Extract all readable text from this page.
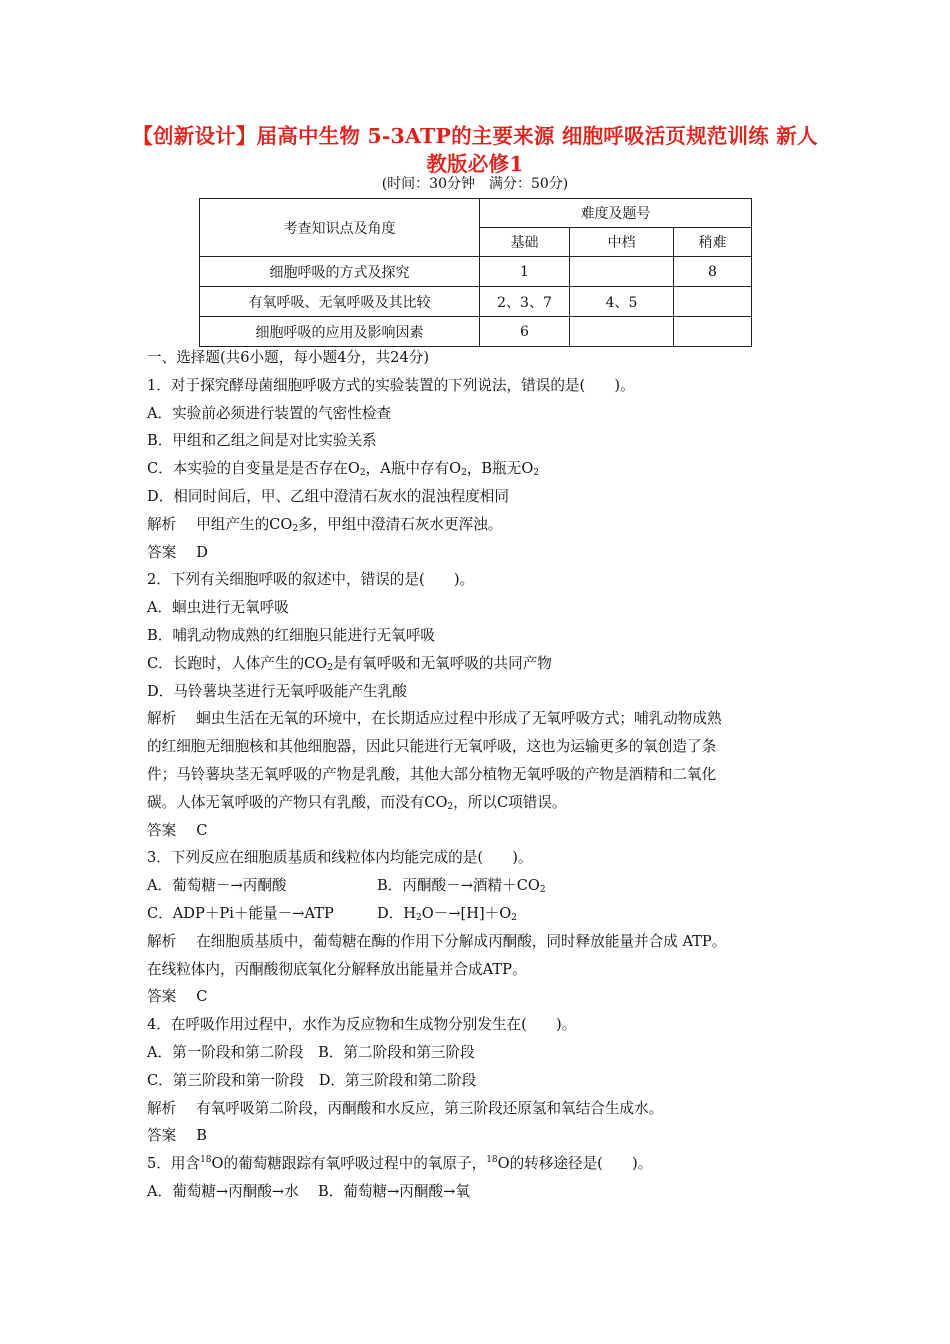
【创新设计】届高中生物 5-3ATP的主要来源 细胞呼吸活页规范训练 新人教版必修1
(时间：30分钟　满分：50分)
考查知识点及角度	难度及题号		
	基础	中档	稍难
细胞呼吸的方式及探究	1		8
有氧呼吸、无氧呼吸及其比较	2、3、7	4、5	
细胞呼吸的应用及影响因素	6		
一、选择题(共6小题，每小题4分，共24分)
1．对于探究酵母菌细胞呼吸方式的实验装置的下列说法，错误的是(　　)。
A．实验前必须进行装置的气密性检查
B．甲组和乙组之间是对比实验关系
C．本实验的自变量是是否存在$O_2$，A瓶中存有$O_2$，B瓶无$O_2$
D．相同时间后，甲、乙组中澄清石灰水的混浊程度相同
解析 甲组产生的$CO_2$多，甲组中澄清石灰水更浑浊。
答案 D
2．下列有关细胞呼吸的叙述中，错误的是(　　)。
A．蛔虫进行无氧呼吸
B．哺乳动物成熟的红细胞只能进行无氧呼吸
C．长跑时，人体产生的$CO_2$是有氧呼吸和无氧呼吸的共同产物
D．马铃薯块茎进行无氧呼吸能产生乳酸
解析 蛔虫生活在无氧的环境中，在长期适应过程中形成了无氧呼吸方式；哺乳动物成熟
的红细胞无细胞核和其他细胞器，因此只能进行无氧呼吸，这也为运输更多的氧创造了条
件；马铃薯块茎无氧呼吸的产物是乳酸，其他大部分植物无氧呼吸的产物是酒精和二氧化
碳。人体无氧呼吸的产物只有乳酸，而没有$CO_2$，所以C项错误。
答案 C
3．下列反应在细胞质基质和线粒体内均能完成的是(　　)。
A．葡萄糖－→丙酮酸	B．丙酮酸－→酒精$+CO_2$
C．ADP＋Pi＋能量－→ATP	D．$H_2O-\to[H]+O_2$
解析 在细胞质基质中，葡萄糖在酶的作用下分解成丙酮酸，同时释放能量并合成 ATP。
在线粒体内，丙酮酸彻底氧化分解释放出能量并合成ATP。
答案 C
4．在呼吸作用过程中，水作为反应物和生成物分别发生在(　　)。
A．第一阶段和第二阶段　B．第二阶段和第三阶段
C．第三阶段和第一阶段　D．第三阶段和第二阶段
解析 有氧呼吸第二阶段，丙酮酸和水反应，第三阶段还原氢和氧结合生成水。
答案 B
5．用含$^{18}$O的葡萄糖跟踪有氧呼吸过程中的氧原子，$^{18}$O的转移途径是(　　)。
A．葡萄糖→丙酮酸→水　 B．葡萄糖→丙酮酸→氧
